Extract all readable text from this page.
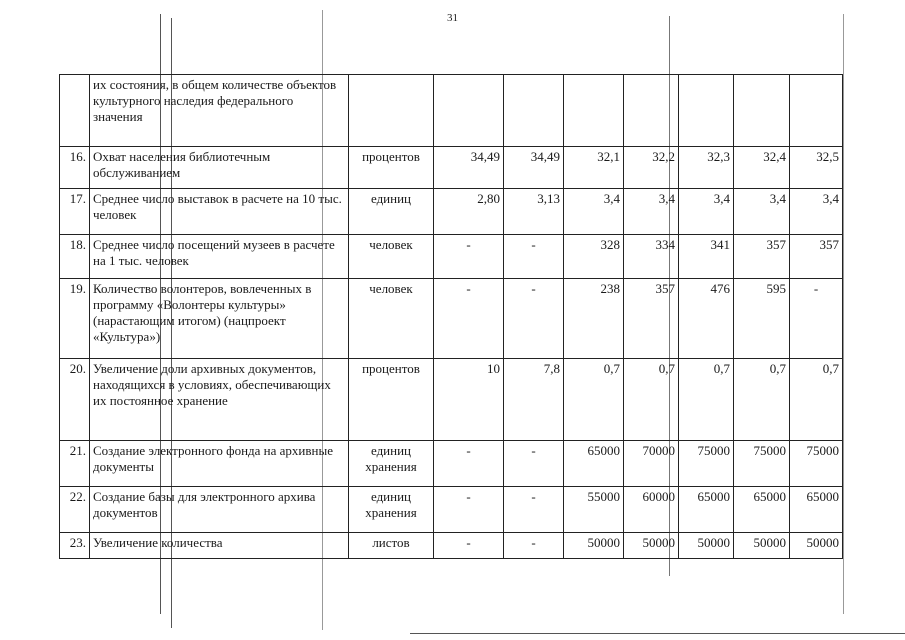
31
	их состояния, в общем количестве объектов культурного наследия федерального значения								
16.	Охват населения библиотечным обслуживанием	процентов	34,49	34,49	32,1	32,2	32,3	32,4	32,5
17.	Среднее число выставок в расчете на 10 тыс. человек	единиц	2,80	3,13	3,4	3,4	3,4	3,4	3,4
18.	Среднее число посещений музеев в расчете на 1 тыс. человек	человек	-	-	328	334	341	357	357
19.	Количество волонтеров, вовлеченных в программу «Волонтеры культуры» (нарастающим итогом) (нацпроект «Культура»)	человек	-	-	238	357	476	595	-
20.	Увеличение доли архивных документов, находящихся в условиях, обеспечивающих их постоянное хранение	процентов	10	7,8	0,7	0,7	0,7	0,7	0,7
21.	Создание электронного фонда на архивные документы	единиц хранения	-	-	65000	70000	75000	75000	75000
22.	Создание базы для электронного архива документов	единиц хранения	-	-	55000	60000	65000	65000	65000
23.	Увеличение количества	листов	-	-	50000	50000	50000	50000	50000
